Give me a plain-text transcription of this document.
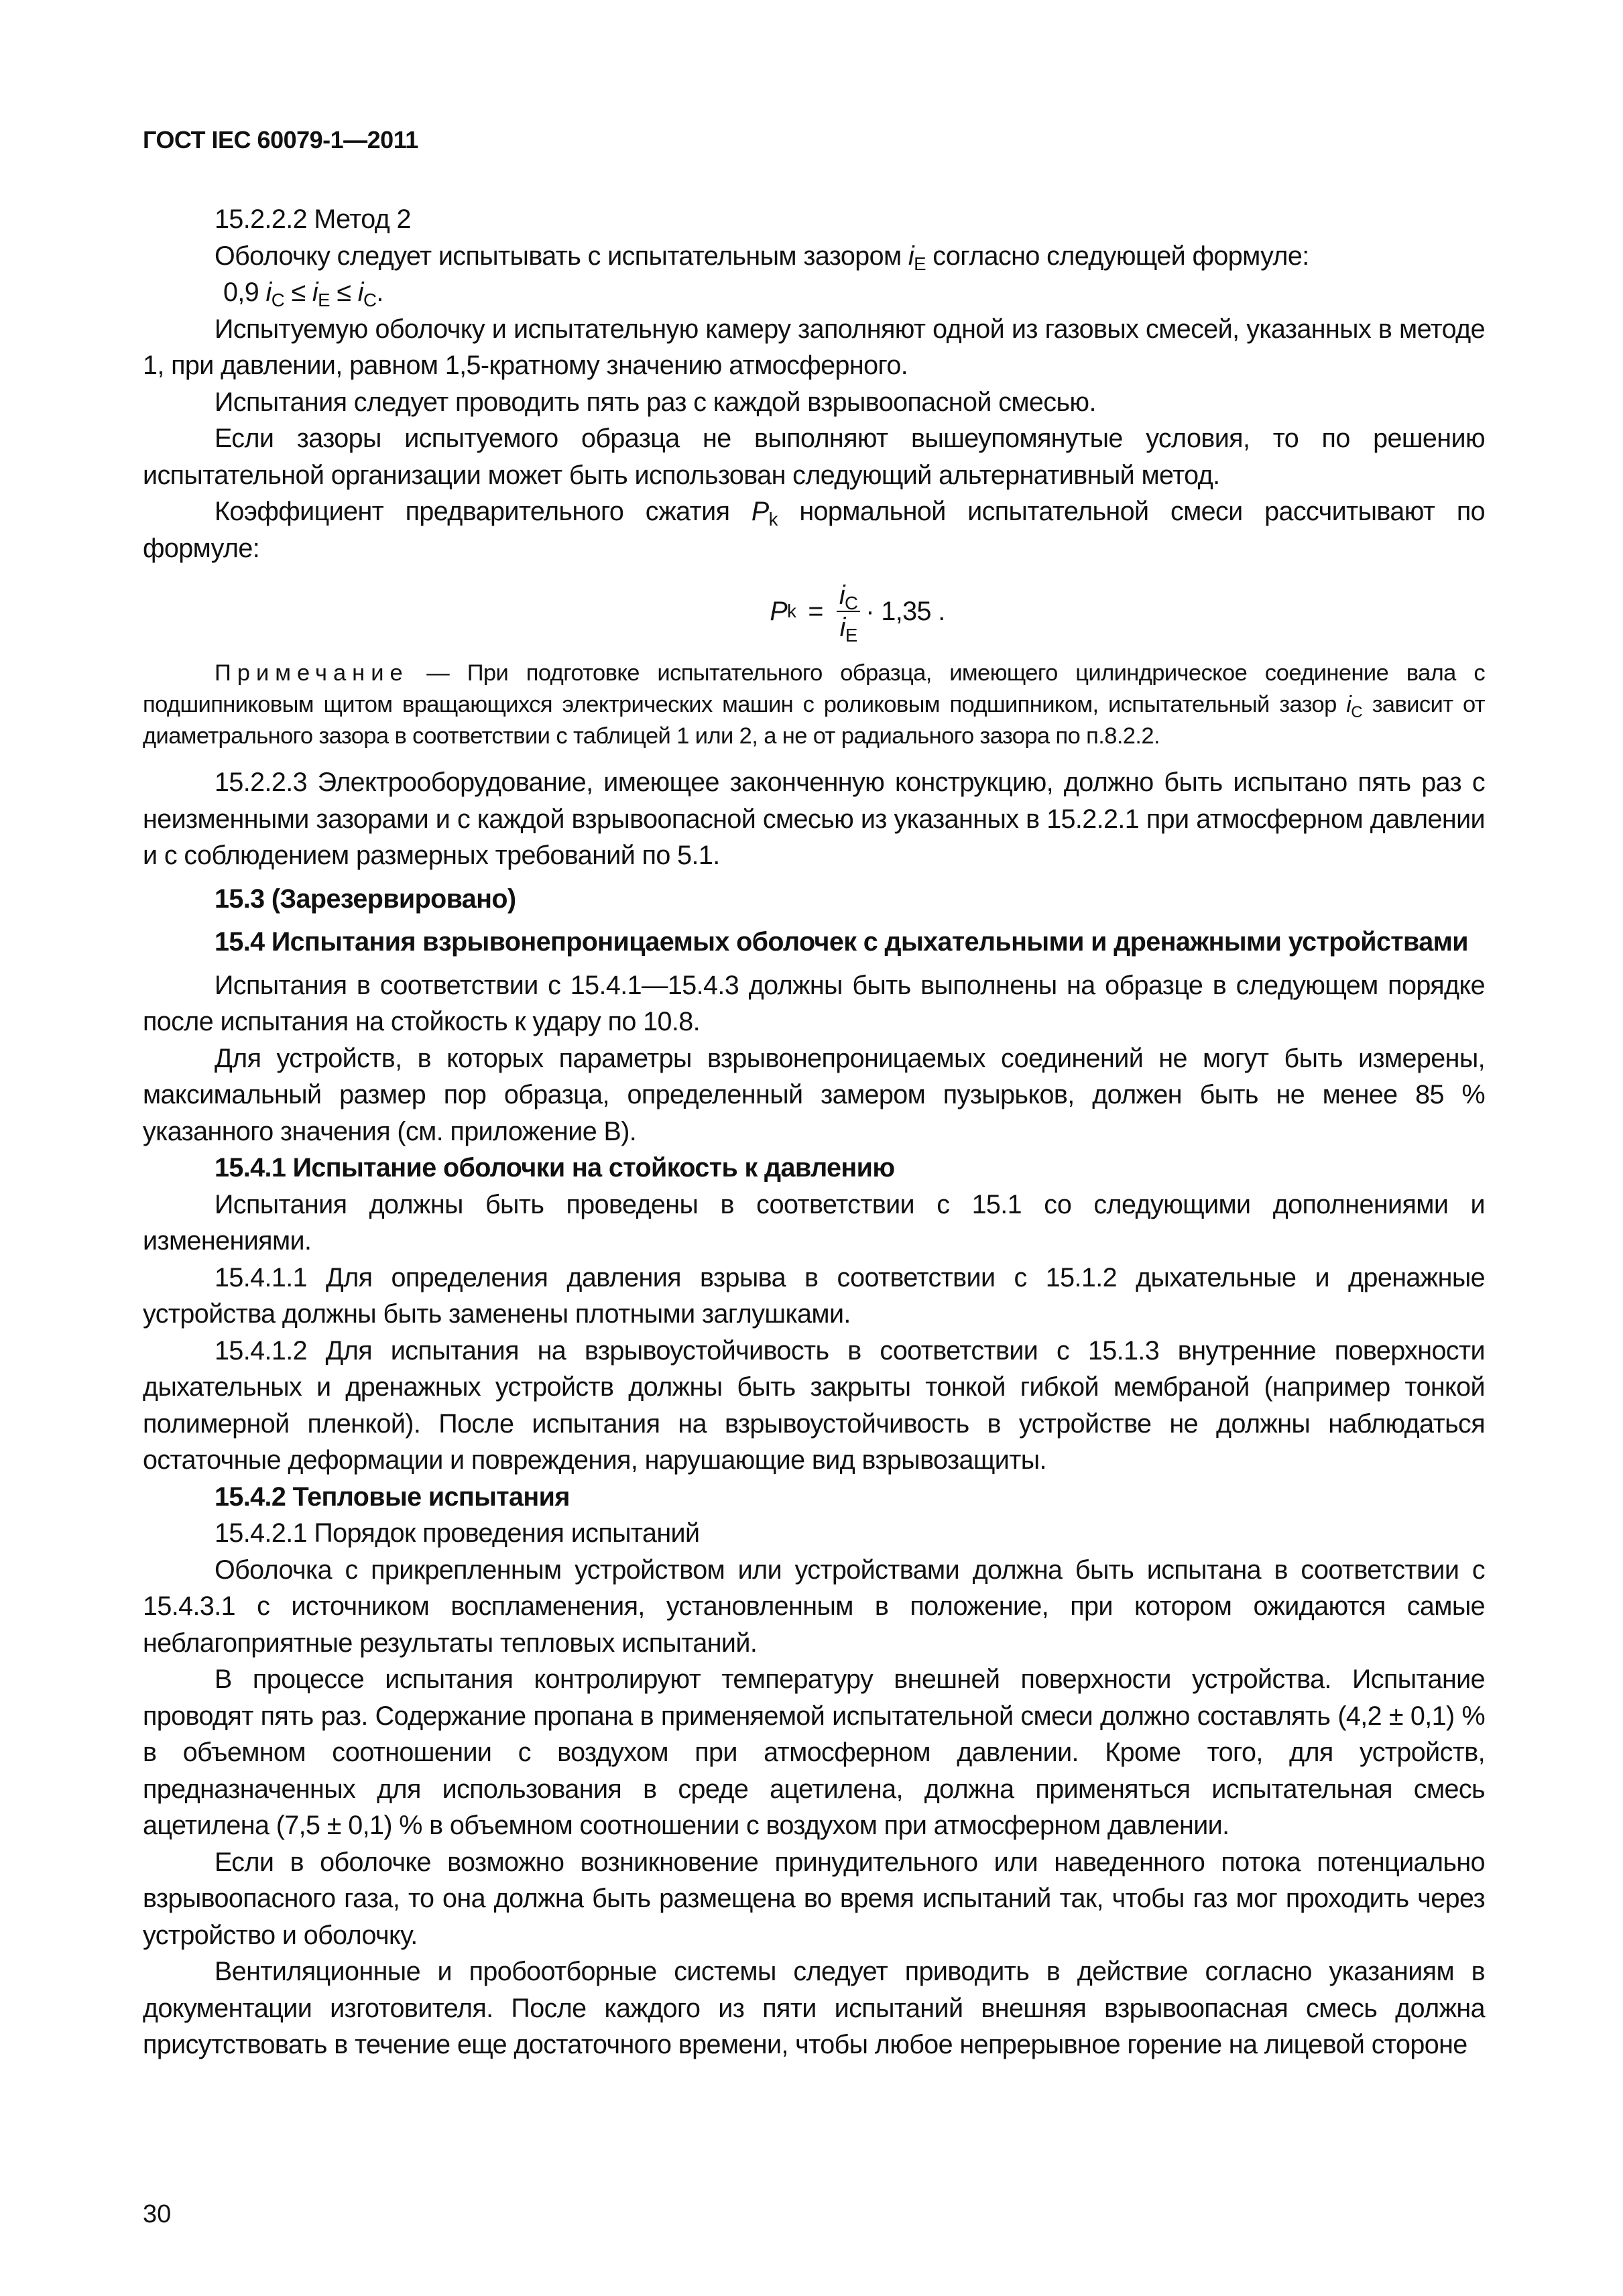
ГОСТ IEC 60079-1—2011

15.2.2.2 Метод 2

Оболочку следует испытывать с испытательным зазором $i_E$ согласно следующей формуле:

0,9 $i_C \le i_E \le i_C$.

Испытуемую оболочку и испытательную камеру заполняют одной из газовых смесей, указанных в методе 1, при давлении, равном 1,5-кратному значению атмосферного.

Испытания следует проводить пять раз с каждой взрывоопасной смесью.

Если зазоры испытуемого образца не выполняют вышеупомянутые условия, то по решению испытательной организации может быть использован следующий альтернативный метод.

Коэффициент предварительного сжатия $P_k$ нормальной испытательной смеси рассчитывают по формуле:

P $k = \frac{i_C}{i_E} \cdot 1,35$ .

Примечание — При подготовке испытательного образца, имеющего цилиндрическое соединение вала с подшипниковым щитом вращающихся электрических машин с роликовым подшипником, испытательный зазор $i_C$ зависит от диаметрального зазора в соответствии с таблицей 1 или 2, а не от радиального зазора по п.8.2.2.

15.2.2.3 Электрооборудование, имеющее законченную конструкцию, должно быть испытано пять раз с неизменными зазорами и с каждой взрывоопасной смесью из указанных в 15.2.2.1 при атмосферном давлении и с соблюдением размерных требований по 5.1.

15.3 (Зарезервировано)

15.4 Испытания взрывонепроницаемых оболочек с дыхательными и дренажными устройствами

Испытания в соответствии с 15.4.1—15.4.3 должны быть выполнены на образце в следующем порядке после испытания на стойкость к удару по 10.8.

Для устройств, в которых параметры взрывонепроницаемых соединений не могут быть измерены, максимальный размер пор образца, определенный замером пузырьков, должен быть не менее 85 % указанного значения (см. приложение В).

15.4.1 Испытание оболочки на стойкость к давлению

Испытания должны быть проведены в соответствии с 15.1 со следующими дополнениями и изменениями.

15.4.1.1 Для определения давления взрыва в соответствии с 15.1.2 дыхательные и дренажные устройства должны быть заменены плотными заглушками.

15.4.1.2 Для испытания на взрывоустойчивость в соответствии с 15.1.3 внутренние поверхности дыхательных и дренажных устройств должны быть закрыты тонкой гибкой мембраной (например тонкой полимерной пленкой). После испытания на взрывоустойчивость в устройстве не должны наблюдаться остаточные деформации и повреждения, нарушающие вид взрывозащиты.

15.4.2 Тепловые испытания

15.4.2.1 Порядок проведения испытаний

Оболочка с прикрепленным устройством или устройствами должна быть испытана в соответствии с 15.4.3.1 с источником воспламенения, установленным в положение, при котором ожидаются самые неблагоприятные результаты тепловых испытаний.

В процессе испытания контролируют температуру внешней поверхности устройства. Испытание проводят пять раз. Содержание пропана в применяемой испытательной смеси должно составлять (4,2 ± 0,1) % в объемном соотношении с воздухом при атмосферном давлении. Кроме того, для устройств, предназначенных для использования в среде ацетилена, должна применяться испытательная смесь ацетилена (7,5 ± 0,1) % в объемном соотношении с воздухом при атмосферном давлении.

Если в оболочке возможно возникновение принудительного или наведенного потока потенциально взрывоопасного газа, то она должна быть размещена во время испытаний так, чтобы газ мог проходить через устройство и оболочку.

Вентиляционные и пробоотборные системы следует приводить в действие согласно указаниям в документации изготовителя. После каждого из пяти испытаний внешняя взрывоопасная смесь должна присутствовать в течение еще достаточного времени, чтобы любое непрерывное горение на лицевой стороне

30
